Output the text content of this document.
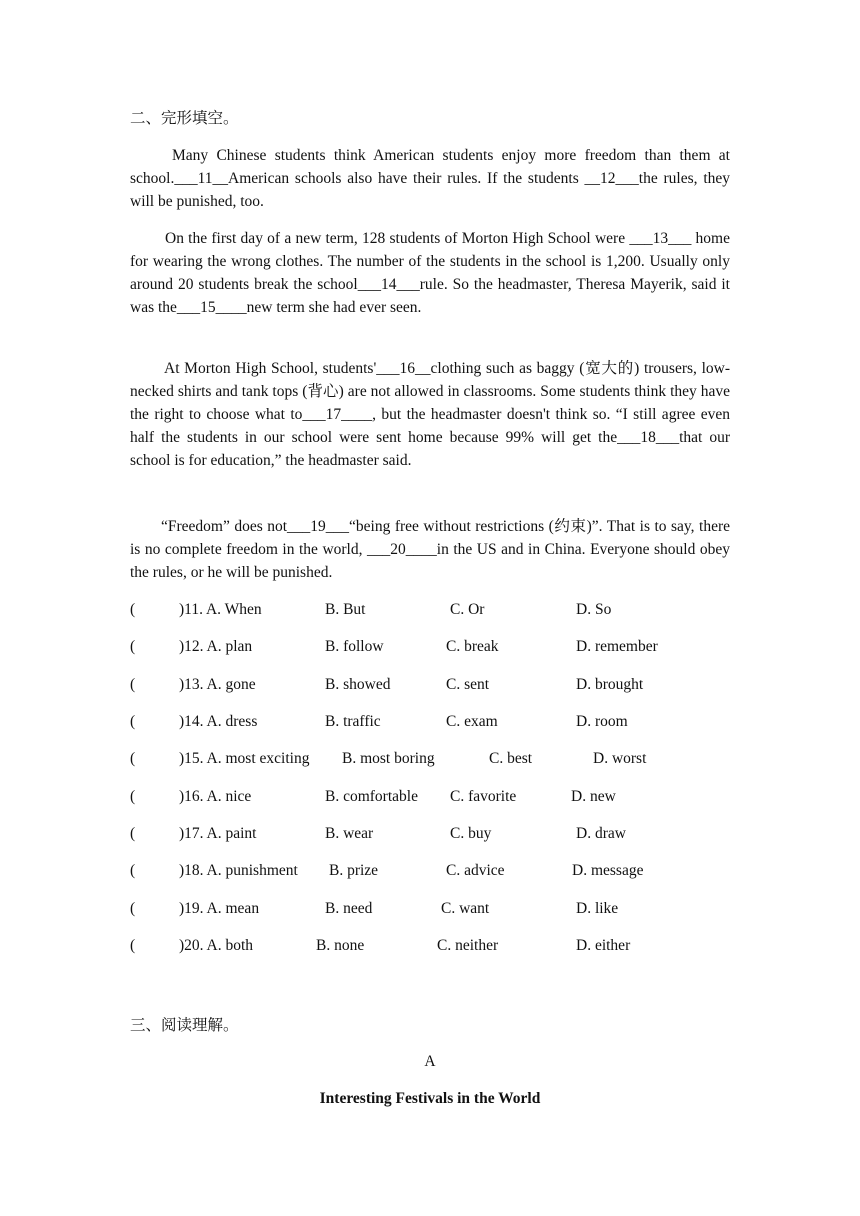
二、完形填空。

Many Chinese students think American students enjoy more freedom than them at school.___11__American schools also have their rules. If the students __12___the rules, they will be punished, too.

On the first day of a new term, 128 students of Morton High School were ___13___ home for wearing the wrong clothes. The number of the students in the school is 1,200. Usually only around 20 students break the school___14___rule. So the headmaster, Theresa Mayerik, said it was the___15____new term she had ever seen.

At Morton High School, students'___16__clothing such as baggy (宽大的) trousers, low-necked shirts and tank tops (背心) are not allowed in classrooms. Some students think they have the right to choose what to___17____, but the headmaster doesn't think so. “I still agree even half the students in our school were sent home because 99% will get the___18___that our school is for education,” the headmaster said.

“Freedom” does not___19___“being free without restrictions (约束)”. That is to say, there is no complete freedom in the world, ___20____in the US and in China. Everyone should obey the rules, or he will be punished.

(	)11. A. When	B. But	C. Or	D. So
(	)12. A. plan	B. follow	C. break	D. remember
(	)13. A. gone	B. showed	C. sent	D. brought
(	)14. A. dress	B. traffic	C. exam	D. room
(	)15. A. most exciting B. most boring	C. best	D. worst
(	)16. A. nice	B. comfortable C. favorite	D. new
(	)17. A. paint	B. wear	C. buy	D. draw
(	)18. A. punishment B. prize	C. advice	D. message
(	)19. A. mean	B. need	C. want	D. like
(	)20. A. both	B. none	C. neither	D. either
三、阅读理解。
A
Interesting Festivals in the World
